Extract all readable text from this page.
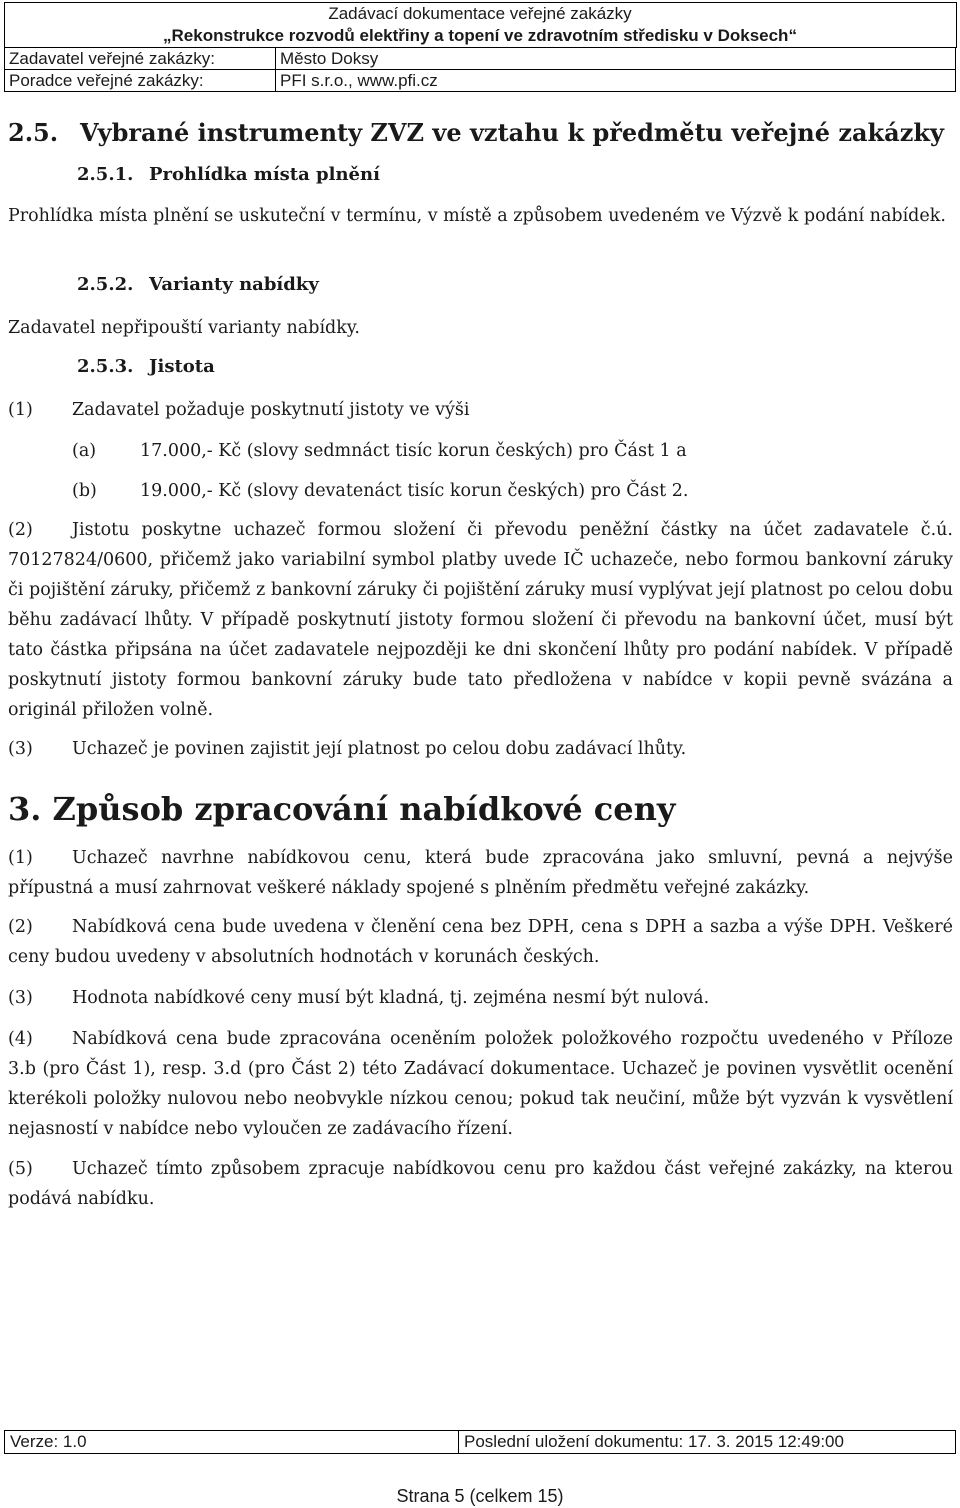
Zadávací dokumentace veřejné zakázky
„Rekonstrukce rozvodů elektřiny a topení ve zdravotním středisku v Doksech“
Zadavatel veřejné zakázky:	Město Doksy
Poradce veřejné zakázky:	PFI s.r.o., www.pfi.cz
2.5. Vybrané instrumenty ZVZ ve vztahu k předmětu veřejné zakázky
2.5.1. Prohlídka místa plnění

Prohlídka místa plnění se uskuteční v termínu, v místě a způsobem uvedeném ve Výzvě k podání nabídek.

2.5.2. Varianty nabídky

Zadavatel nepřipouští varianty nabídky.

2.5.3. Jistota

(1) Zadavatel požaduje poskytnutí jistoty ve výši

(a)	17.000,- Kč (slovy sedmnáct tisíc korun českých) pro Část 1 a
(b) 19.000,- Kč (slovy devatenáct tisíc korun českých) pro Část 2.

(2) Jistotu poskytne uchazeč formou složení či převodu peněžní částky na účet zadavatele č.ú. 70127824/0600, přičemž jako variabilní symbol platby uvede IČ uchazeče, nebo formou bankovní záruky či pojištění záruky, přičemž z bankovní záruky či pojištění záruky musí vyplývat její platnost po celou dobu běhu zadávací lhůty. V případě poskytnutí jistoty formou složení či převodu na bankovní účet, musí být tato částka připsána na účet zadavatele nejpozději ke dni skončení lhůty pro podání nabídek. V případě poskytnutí jistoty formou bankovní záruky bude tato předložena v nabídce v kopii pevně svázána a originál přiložen volně.

(3) Uchazeč je povinen zajistit její platnost po celou dobu zadávací lhůty.

3. Způsob zpracování nabídkové ceny

(1) Uchazeč navrhne nabídkovou cenu, která bude zpracována jako smluvní, pevná a nejvýše přípustná a musí zahrnovat veškeré náklady spojené s plněním předmětu veřejné zakázky.

(2) Nabídková cena bude uvedena v členění cena bez DPH, cena s DPH a sazba a výše DPH. Veškeré ceny budou uvedeny v absolutních hodnotách v korunách českých.

(3) Hodnota nabídkové ceny musí být kladná, tj. zejména nesmí být nulová.

(4) Nabídková cena bude zpracována oceněním položek položkového rozpočtu uvedeného v Příloze 3.b (pro Část 1), resp. 3.d (pro Část 2) této Zadávací dokumentace. Uchazeč je povinen vysvětlit ocenění kterékoli položky nulovou nebo neobvykle nízkou cenou; pokud tak neučiní, může být vyzván k vysvětlení nejasností v nabídce nebo vyloučen ze zadávacího řízení.

(5) Uchazeč tímto způsobem zpracuje nabídkovou cenu pro každou část veřejné zakázky, na kterou podává nabídku.

Verze: 1.0	Poslední uložení dokumentu: 17. 3. 2015 12:49:00
Strana 5 (celkem 15)
